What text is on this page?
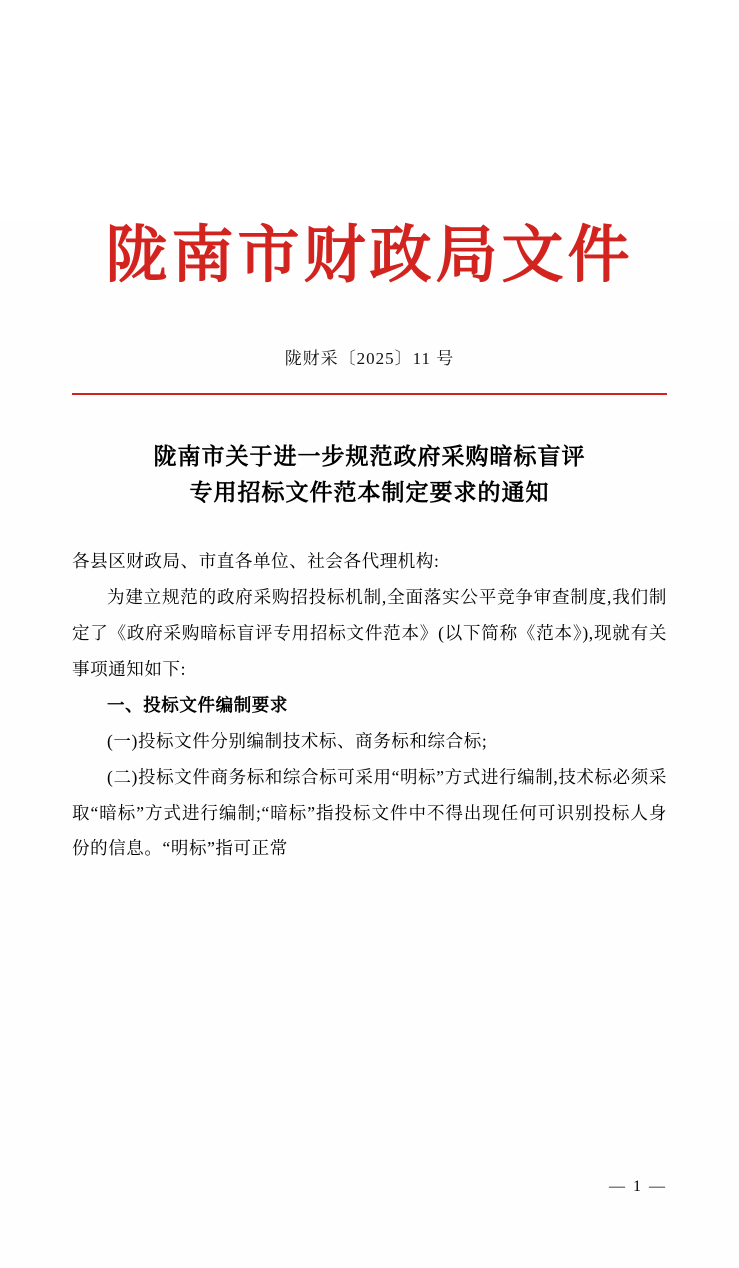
陇南市财政局文件
陇财采〔2025〕11 号
陇南市关于进一步规范政府采购暗标盲评
专用招标文件范本制定要求的通知

各县区财政局、市直各单位、社会各代理机构:

为建立规范的政府采购招投标机制,全面落实公平竞争审查制度,我们制定了《政府采购暗标盲评专用招标文件范本》(以下简称《范本》),现就有关事项通知如下:

一、投标文件编制要求

(一)投标文件分别编制技术标、商务标和综合标;

(二)投标文件商务标和综合标可采用“明标”方式进行编制,技术标必须采取“暗标”方式进行编制;“暗标”指投标文件中不得出现任何可识别投标人身份的信息。“明标”指可正常

— 1 —
